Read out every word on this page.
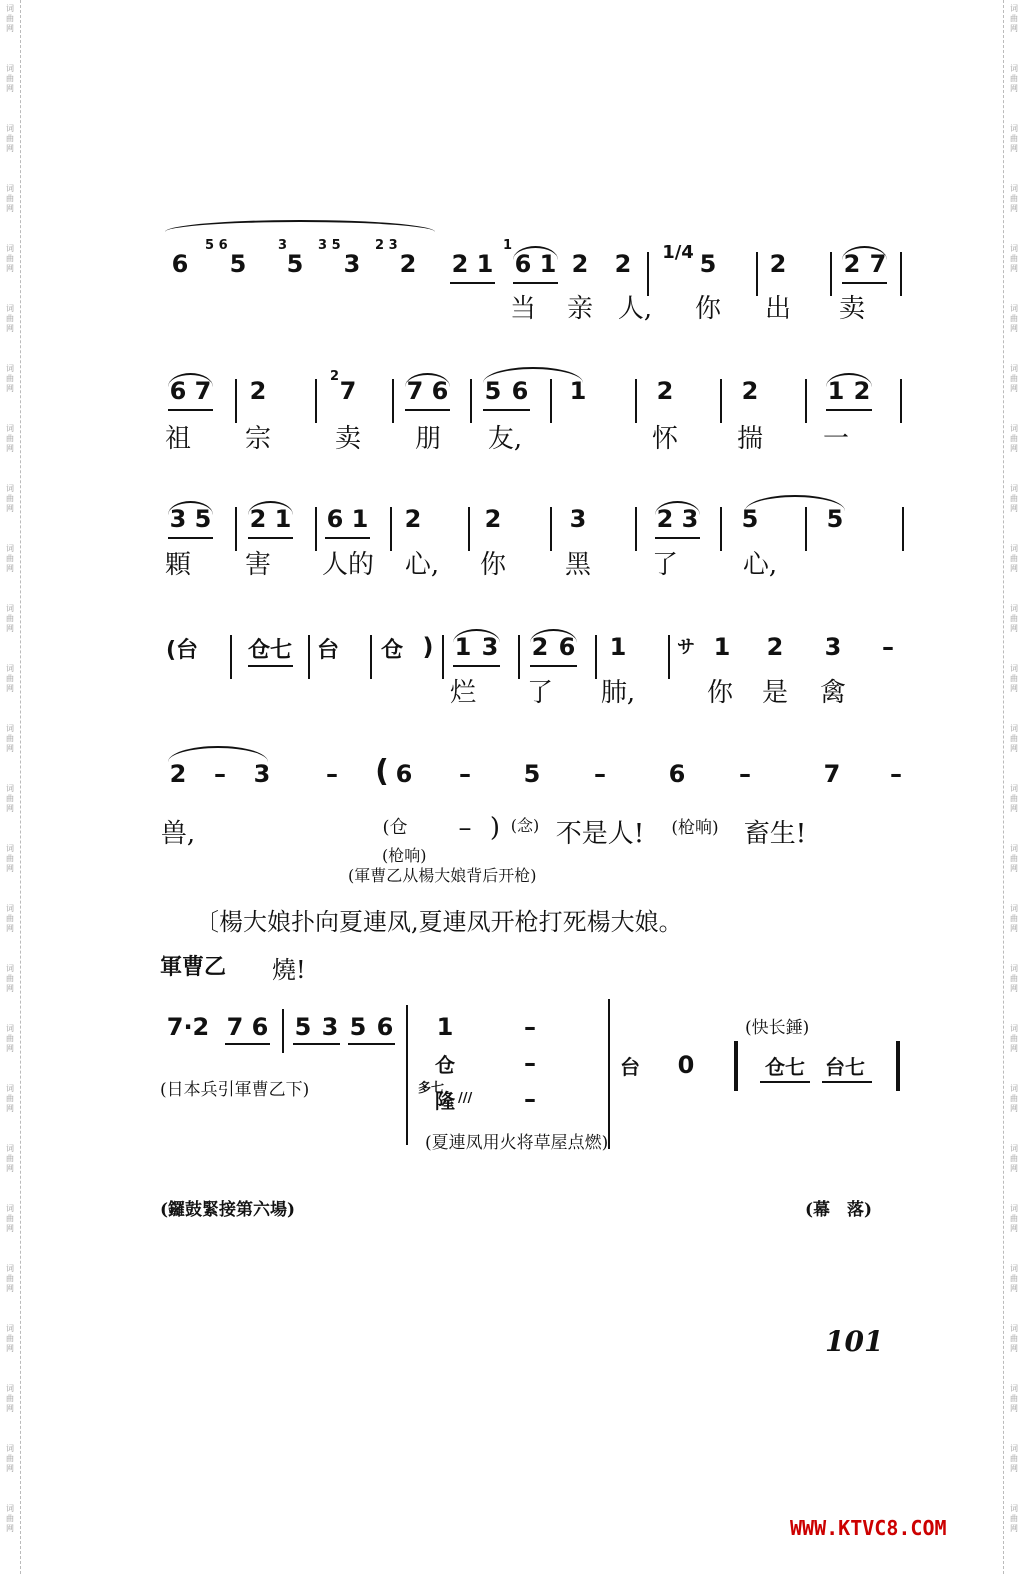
词
曲
网
词
曲
网
词
曲
网
词
曲
网
词
曲
网
词
曲
网
词
曲
网
词
曲
网
词
曲
网
词
曲
网
词
曲
网
词
曲
网
词
曲
网
词
曲
网
词
曲
网
词
曲
网
词
曲
网
词
曲
网
词
曲
网
词
曲
网
词
曲
网
词
曲
网
词
曲
网
词
曲
网
词
曲
网
词
曲
网
词
曲
网
词
曲
网
词
曲
网
词
曲
网
词
曲
网
词
曲
网
词
曲
网
词
曲
网
词
曲
网
词
曲
网
词
曲
网
词
曲
网
词
曲
网
词
曲
网
词
曲
网
词
曲
网
词
曲
网
词
曲
网
词
曲
网
词
曲
网
词
曲
网
词
曲
网
词
曲
网
词
曲
网
词
曲
网
词
曲
网
6
5 6
5
3
5
3 5
3
2 3
2 2 1
1
6 1 2 2 1/4 5 2 2 7
当 亲 人, 你 出 卖
6 7 2
2
7 7 6 5 6 1	2	2	1 2
祖 宗 卖 朋 友,	怀 揣 一
3 5 2 1 6 1 2	2	3	2 3 5	5
顆 害 人的 心, 你 黑 了 心,
(台 仓七 台 仓 ) 1 3 2 6 1	サ 1 2 3 –
烂 了 肺,	你 是 禽
2 – 3 – ( 6 – 5 –	6 –	7 –
兽,	(仓 – ) (念) 不是人! (枪响) 畜生!
(枪响)
(軍曹乙从楊大娘背后开枪)
〔楊大娘扑向夏連凤,夏連凤开枪打死楊大娘。
軍曹乙 燒!
7·2 7 6 5 3 5 6 1	–
仓	–
多七
隆 /// –
台 0	仓七 台七
(快长錘)
(日本兵引軍曹乙下)
(夏連凤用火将草屋点燃)
(鑼鼓緊接第六場)	(幕　落)
101
WWW.KTVC8.COM
